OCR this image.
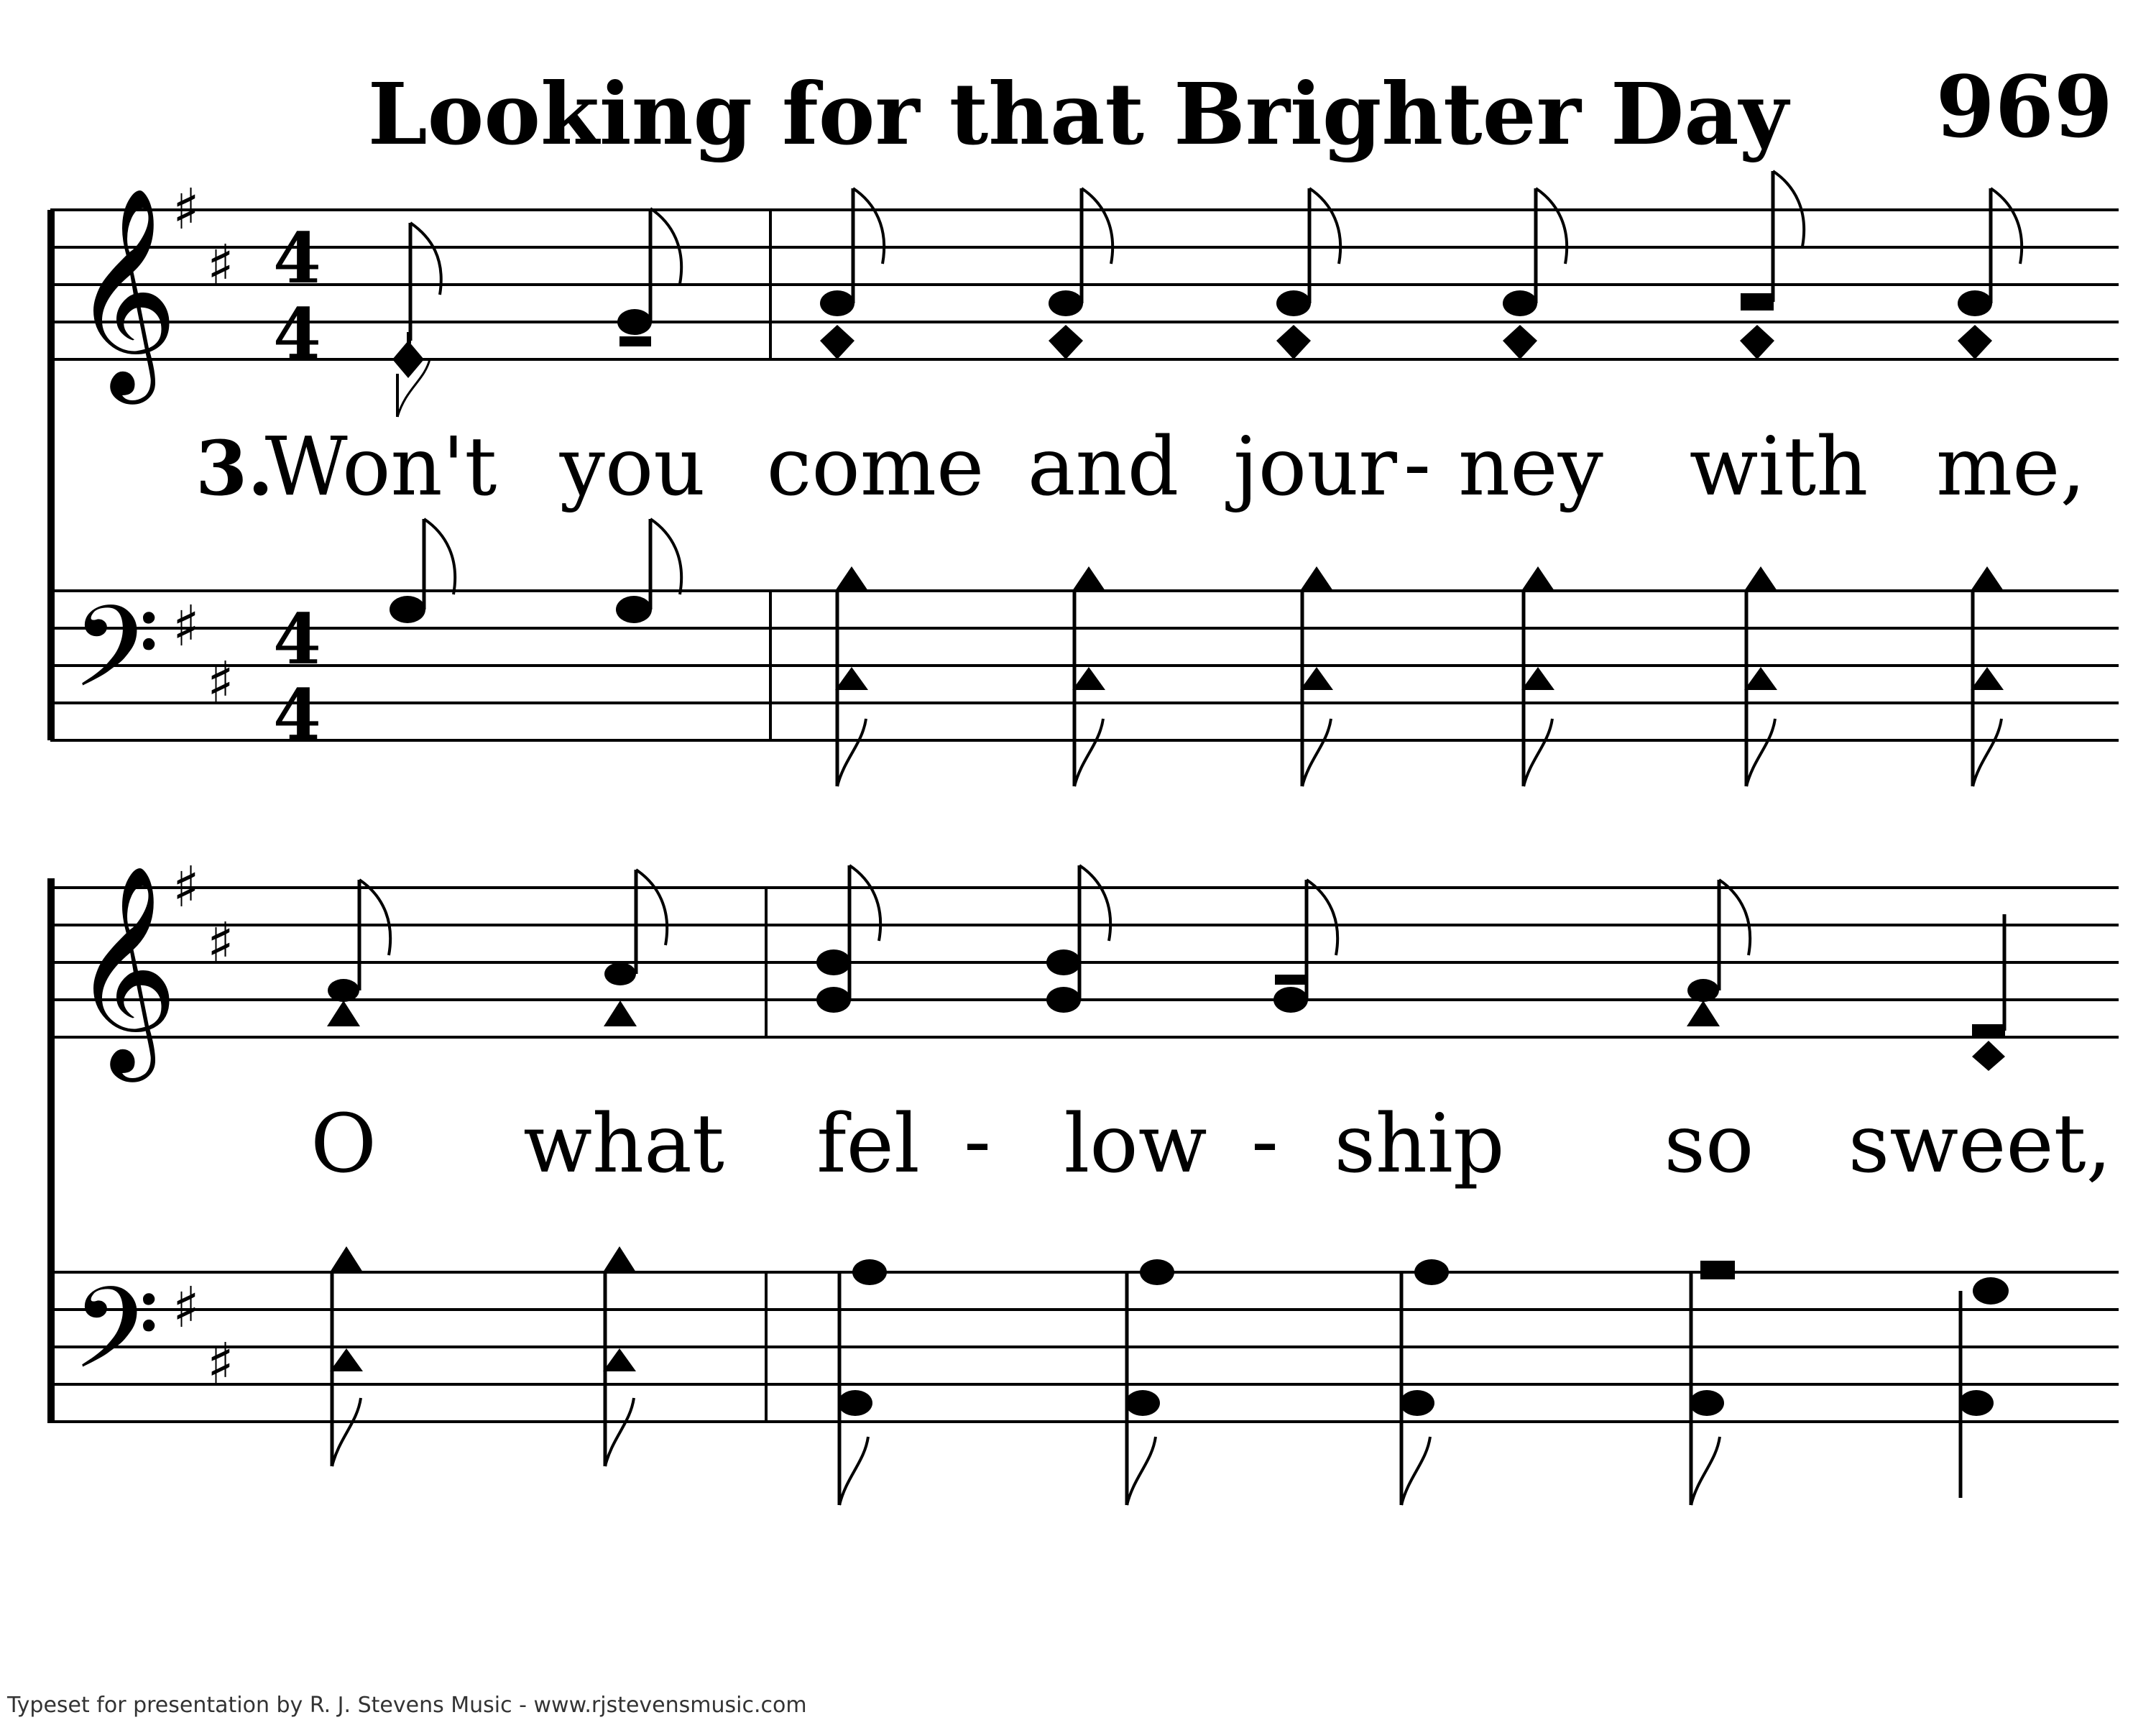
Looking for that Brighter Day 969
𝄞
𝄢
♯
♯
♯
♯
4
4
4
4
3.
Won't you come and jour - ney with me,
𝄞
𝄢
♯
♯
♯
♯
O what fel - low - ship so sweet,
Typeset for presentation by R. J. Stevens Music - www.rjstevensmusic.com
